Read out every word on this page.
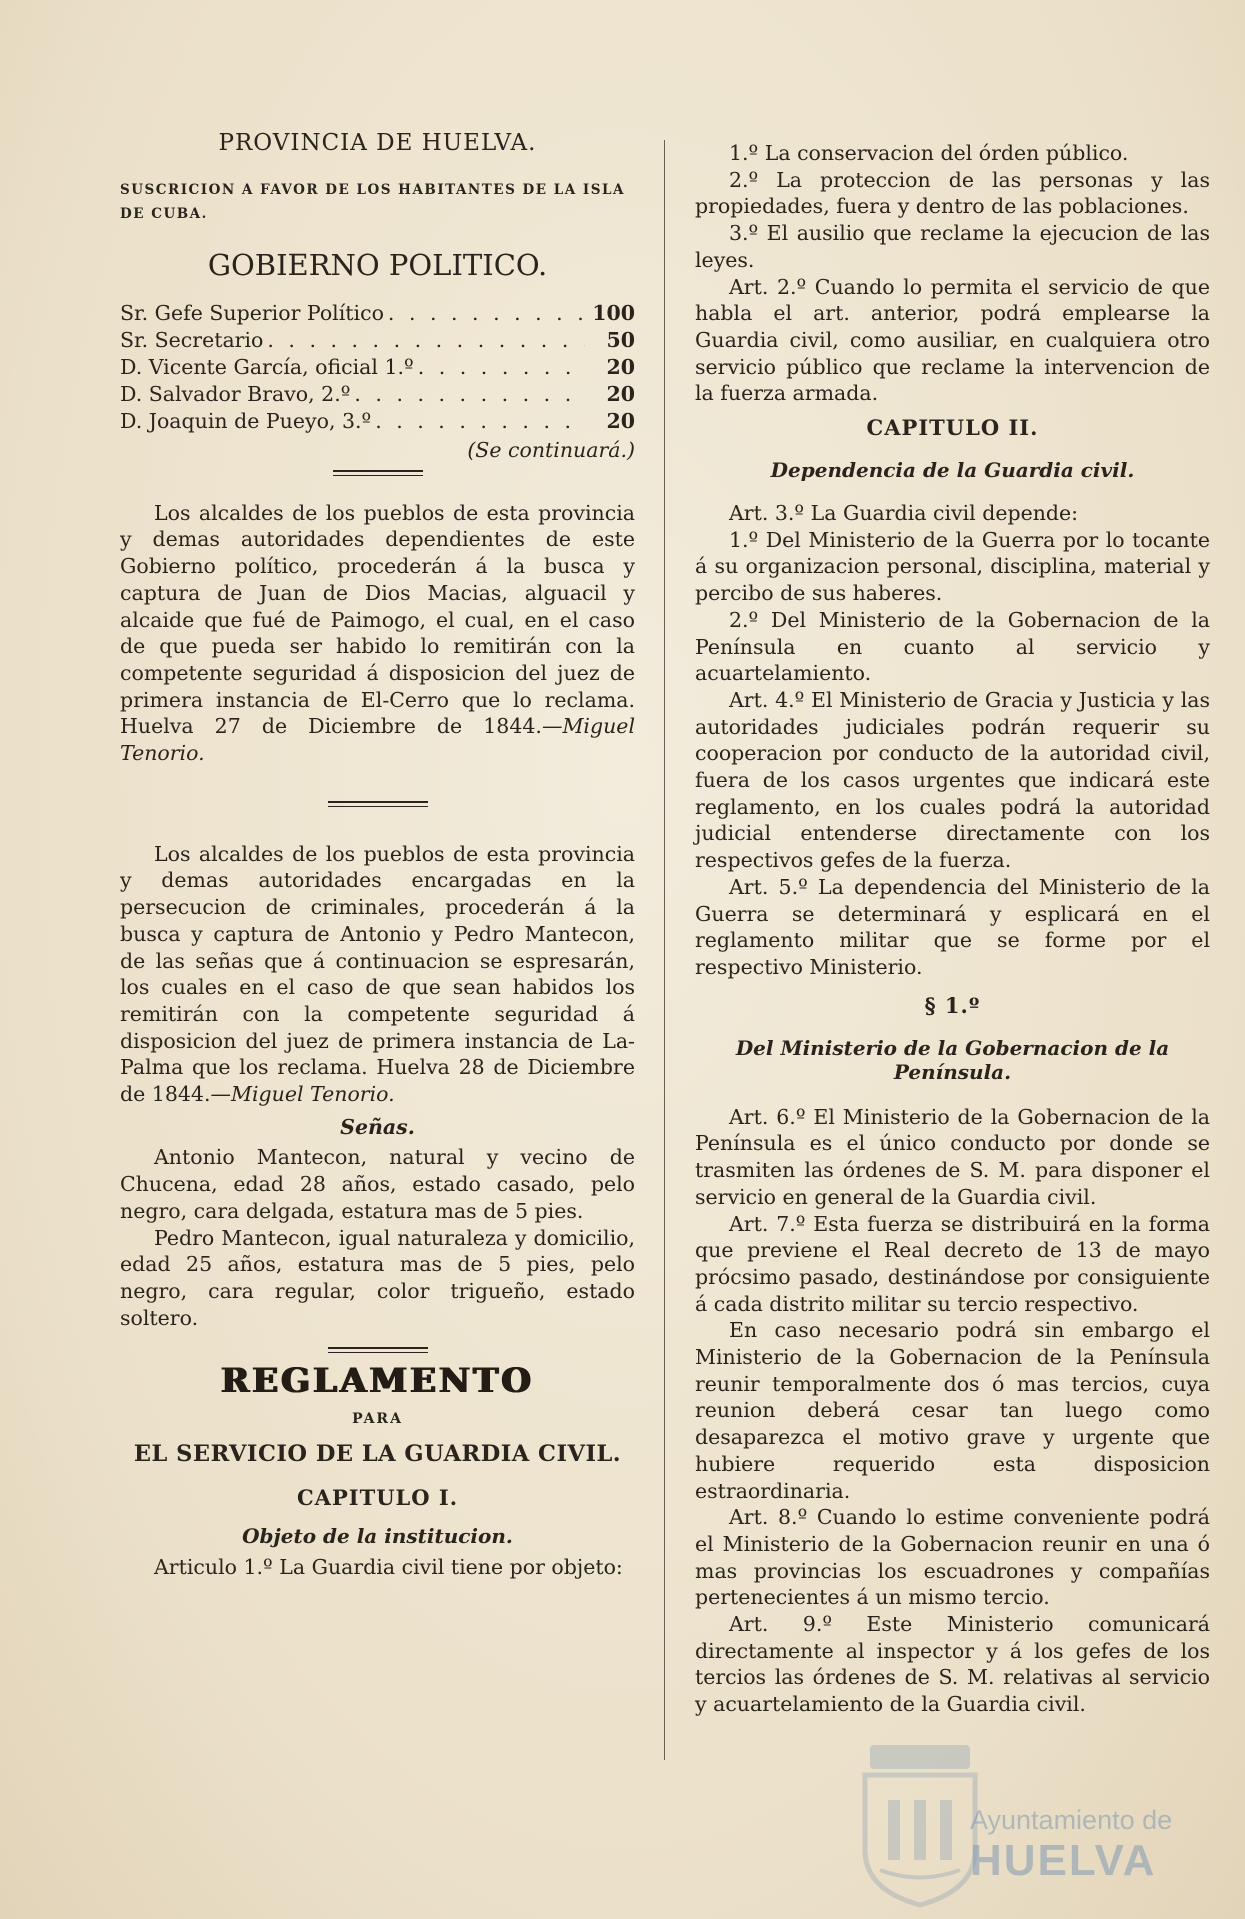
PROVINCIA DE HUELVA.

SUSCRICION A FAVOR DE LOS HABITANTES DE LA ISLA DE CUBA.

GOBIERNO POLITICO.

Sr. Gefe Superior Político . . .	100
Sr. Secretario . . .	50
D. Vicente García, oficial 1.º . . .	20
D. Salvador Bravo, 2.º . . .	20
D. Joaquin de Pueyo, 3.º . . .	20

(Se continuará.)

Los alcaldes de los pueblos de esta provincia y demas autoridades dependientes de este Gobierno político, procederán á la busca y captura de Juan de Dios Macias, alguacil y alcaide que fué de Paimogo, el cual, en el caso de que pueda ser habido lo remitirán con la competente seguridad á disposicion del juez de primera instancia de El-Cerro que lo reclama. Huelva 27 de Diciembre de 1844.—Miguel Tenorio.

Los alcaldes de los pueblos de esta provincia y demas autoridades encargadas en la persecucion de criminales, procederán á la busca y captura de Antonio y Pedro Mantecon, de las señas que á continuacion se espresarán, los cuales en el caso de que sean habidos los remitirán con la competente seguridad á disposicion del juez de primera instancia de La-Palma que los reclama. Huelva 28 de Diciembre de 1844.—Miguel Tenorio.

Señas.

Antonio Mantecon, natural y vecino de Chucena, edad 28 años, estado casado, pelo negro, cara delgada, estatura mas de 5 pies.

Pedro Mantecon, igual naturaleza y domicilio, edad 25 años, estatura mas de 5 pies, pelo negro, cara regular, color trigueño, estado soltero.

REGLAMENTO

PARA

EL SERVICIO DE LA GUARDIA CIVIL.

CAPITULO I.

Objeto de la institucion.

Articulo 1.º La Guardia civil tiene por objeto:

1.º La conservacion del órden público.

2.º La proteccion de las personas y las propiedades, fuera y dentro de las poblaciones.

3.º El ausilio que reclame la ejecucion de las leyes.

Art. 2.º Cuando lo permita el servicio de que habla el art. anterior, podrá emplearse la Guardia civil, como ausiliar, en cualquiera otro servicio público que reclame la intervencion de la fuerza armada.

CAPITULO II.

Dependencia de la Guardia civil.

Art. 3.º La Guardia civil depende:

1.º Del Ministerio de la Guerra por lo tocante á su organizacion personal, disciplina, material y percibo de sus haberes.

2.º Del Ministerio de la Gobernacion de la Península en cuanto al servicio y acuartelamiento.

Art. 4.º El Ministerio de Gracia y Justicia y las autoridades judiciales podrán requerir su cooperacion por conducto de la autoridad civil, fuera de los casos urgentes que indicará este reglamento, en los cuales podrá la autoridad judicial entenderse directamente con los respectivos gefes de la fuerza.

Art. 5.º La dependencia del Ministerio de la Guerra se determinará y esplicará en el reglamento militar que se forme por el respectivo Ministerio.

§ 1.º

Del Ministerio de la Gobernacion de la Península.

Art. 6.º El Ministerio de la Gobernacion de la Península es el único conducto por donde se trasmiten las órdenes de S. M. para disponer el servicio en general de la Guardia civil.

Art. 7.º Esta fuerza se distribuirá en la forma que previene el Real decreto de 13 de mayo prócsimo pasado, destinándose por consiguiente á cada distrito militar su tercio respectivo.

En caso necesario podrá sin embargo el Ministerio de la Gobernacion de la Península reunir temporalmente dos ó mas tercios, cuya reunion deberá cesar tan luego como desaparezca el motivo grave y urgente que hubiere requerido esta disposicion estraordinaria.

Art. 8.º Cuando lo estime conveniente podrá el Ministerio de la Gobernacion reunir en una ó mas provincias los escuadrones y compañías pertenecientes á un mismo tercio.

Art. 9.º Este Ministerio comunicará directamente al inspector y á los gefes de los tercios las órdenes de S. M. relativas al servicio y acuartelamiento de la Guardia civil.

Ayuntamiento de
HUELVA
